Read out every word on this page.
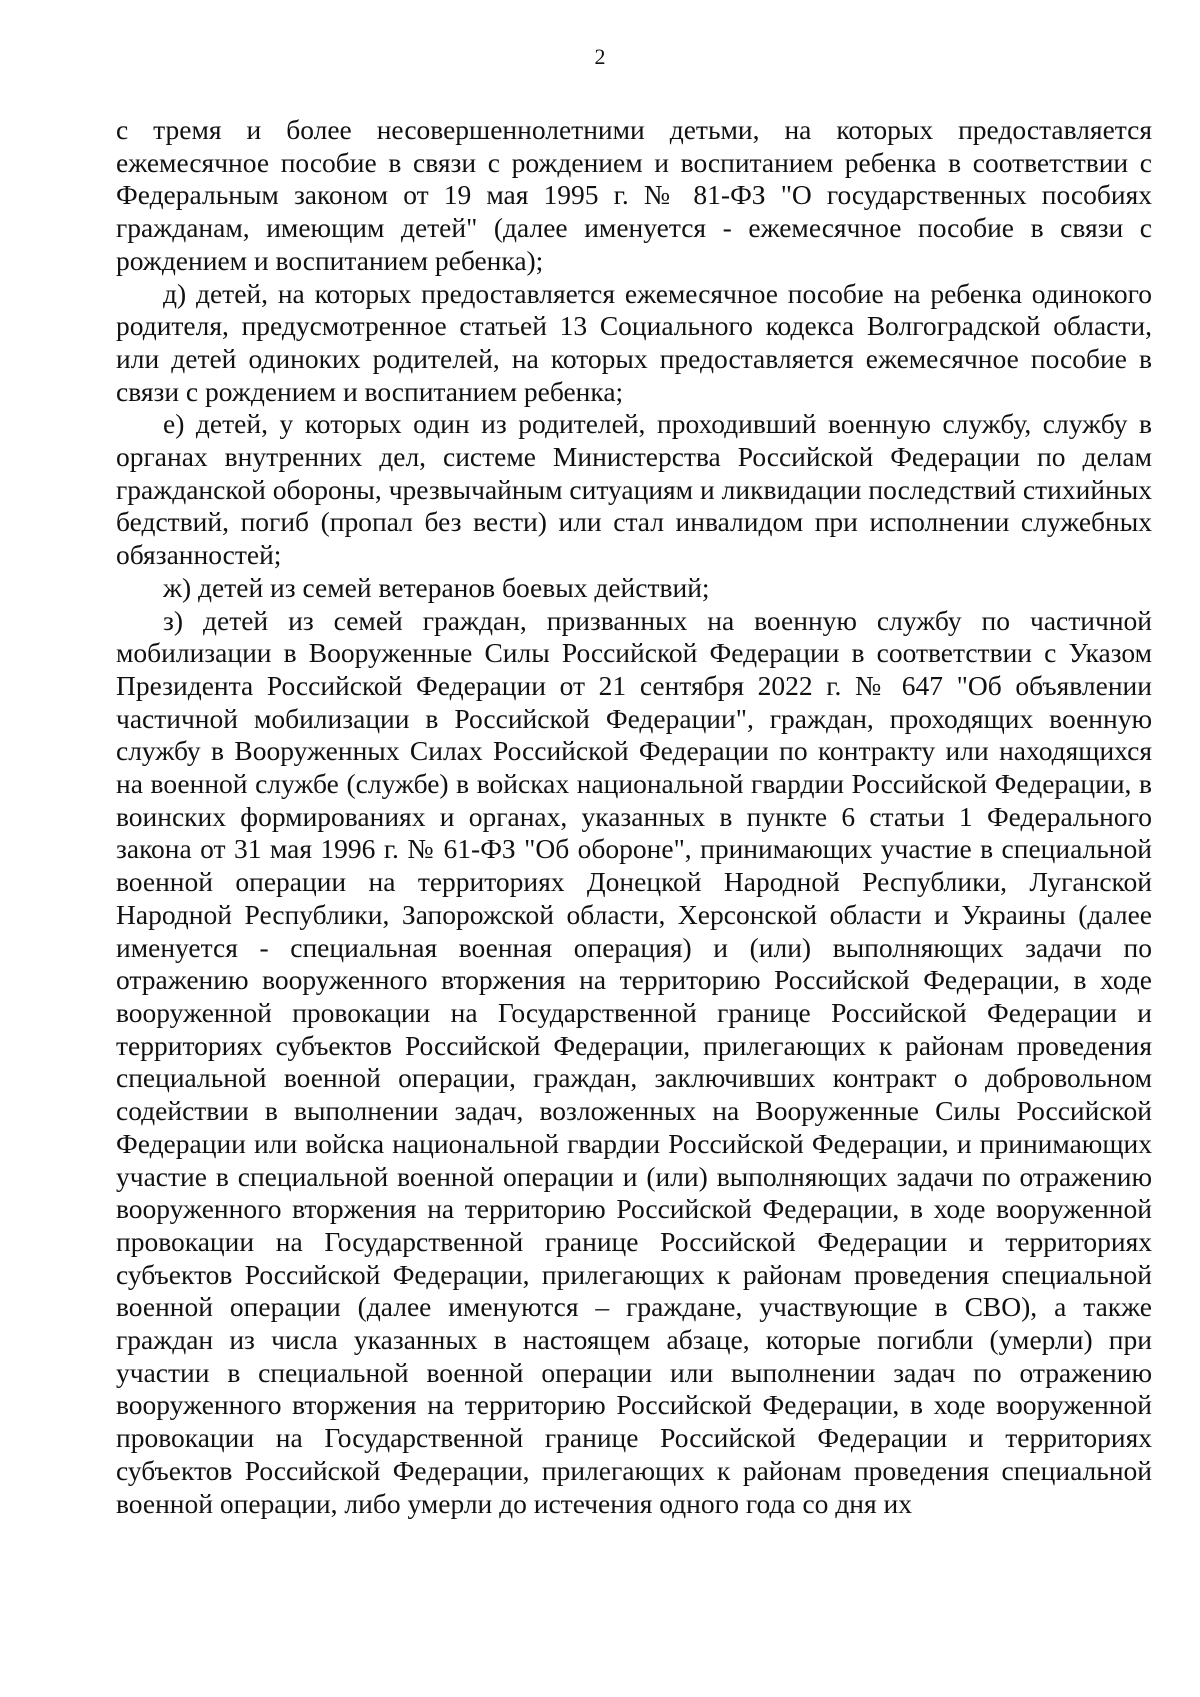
2

с тремя и более несовершеннолетними детьми, на которых предоставляется ежемесячное пособие в связи с рождением и воспитанием ребенка в соответствии с Федеральным законом от 19 мая 1995 г. № 81-ФЗ "О государственных пособиях гражданам, имеющим детей" (далее именуется - ежемесячное пособие в связи с рождением и воспитанием ребенка);

д) детей, на которых предоставляется ежемесячное пособие на ребенка одинокого родителя, предусмотренное статьей 13 Социального кодекса Волгоградской области, или детей одиноких родителей, на которых предоставляется ежемесячное пособие в связи с рождением и воспитанием ребенка;

е) детей, у которых один из родителей, проходивший военную службу, службу в органах внутренних дел, системе Министерства Российской Федерации по делам гражданской обороны, чрезвычайным ситуациям и ликвидации последствий стихийных бедствий, погиб (пропал без вести) или стал инвалидом при исполнении служебных обязанностей;

ж) детей из семей ветеранов боевых действий;

з) детей из семей граждан, призванных на военную службу по частичной мобилизации в Вооруженные Силы Российской Федерации в соответствии с Указом Президента Российской Федерации от 21 сентября 2022 г. № 647 "Об объявлении частичной мобилизации в Российской Федерации", граждан, проходящих военную службу в Вооруженных Силах Российской Федерации по контракту или находящихся на военной службе (службе) в войсках национальной гвардии Российской Федерации, в воинских формированиях и органах, указанных в пункте 6 статьи 1 Федерального закона от 31 мая 1996 г. № 61-ФЗ "Об обороне", принимающих участие в специальной военной операции на территориях Донецкой Народной Республики, Луганской Народной Республики, Запорожской области, Херсонской области и Украины (далее именуется - специальная военная операция) и (или) выполняющих задачи по отражению вооруженного вторжения на территорию Российской Федерации, в ходе вооруженной провокации на Государственной границе Российской Федерации и территориях субъектов Российской Федерации, прилегающих к районам проведения специальной военной операции, граждан, заключивших контракт о добровольном содействии в выполнении задач, возложенных на Вооруженные Силы Российской Федерации или войска национальной гвардии Российской Федерации, и принимающих участие в специальной военной операции и (или) выполняющих задачи по отражению вооруженного вторжения на территорию Российской Федерации, в ходе вооруженной провокации на Государственной границе Российской Федерации и территориях субъектов Российской Федерации, прилегающих к районам проведения специальной военной операции (далее именуются – граждане, участвующие в СВО), а также граждан из числа указанных в настоящем абзаце, которые погибли (умерли) при участии в специальной военной операции или выполнении задач по отражению вооруженного вторжения на территорию Российской Федерации, в ходе вооруженной провокации на Государственной границе Российской Федерации и территориях субъектов Российской Федерации, прилегающих к районам проведения специальной военной операции, либо умерли до истечения одного года со дня их
